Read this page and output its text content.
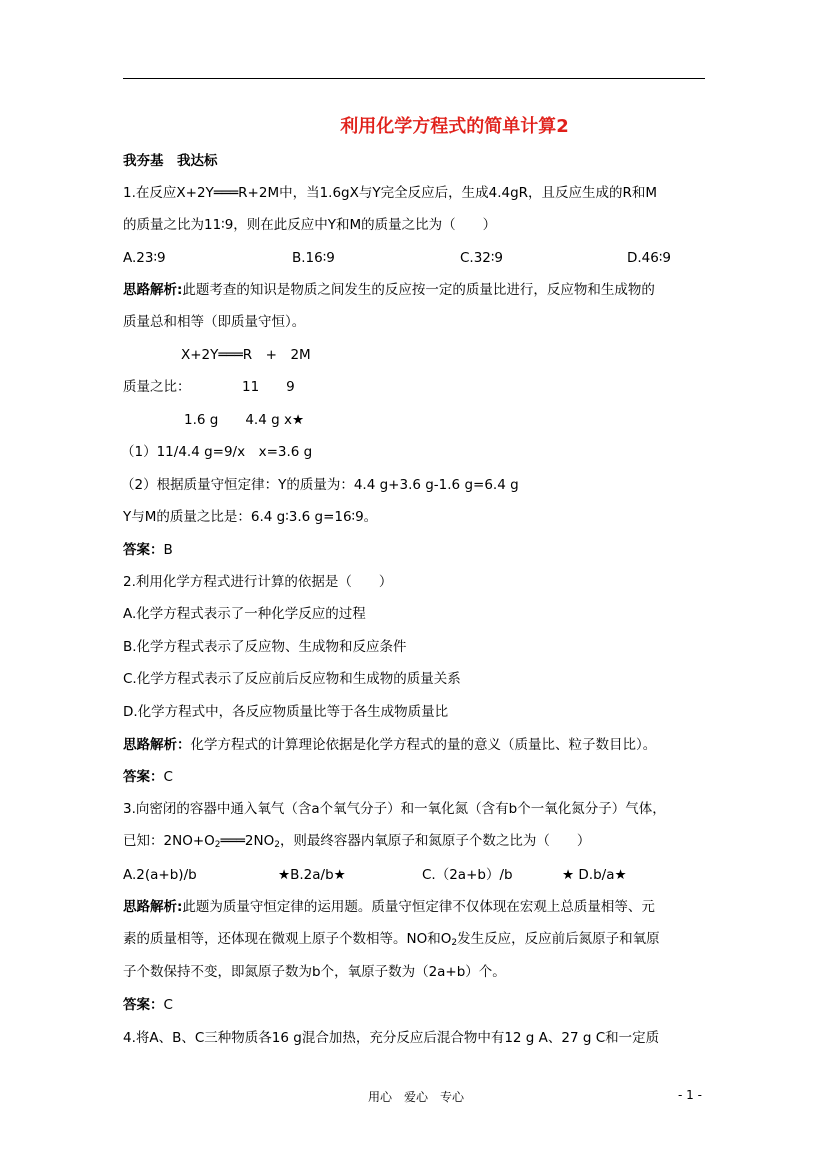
利用化学方程式的简单计算2
我夯基　我达标
1.在反应X+2Y═══R+2M中，当1.6gX与Y完全反应后，生成4.4gR，且反应生成的R和M
的质量之比为11∶9，则在此反应中Y和M的质量之比为（　　）
A.23∶9	B.16∶9	C.32∶9	D.46∶9
思路解析:此题考查的知识是物质之间发生的反应按一定的质量比进行，反应物和生成物的
质量总和相等（即质量守恒）。
X+2Y═══R　+　2M
质量之比：	11　　9
1.6 g　　4.4 g x★
（1）11/4.4 g=9/x　x=3.6 g
（2）根据质量守恒定律：Y的质量为：4.4 g+3.6 g-1.6 g=6.4 g
Y与M的质量之比是：6.4 g∶3.6 g=16∶9。
答案：B
2.利用化学方程式进行计算的依据是（　　）
A.化学方程式表示了一种化学反应的过程
B.化学方程式表示了反应物、生成物和反应条件
C.化学方程式表示了反应前后反应物和生成物的质量关系
D.化学方程式中，各反应物质量比等于各生成物质量比
思路解析：化学方程式的计算理论依据是化学方程式的量的意义（质量比、粒子数目比）。
答案：C
3.向密闭的容器中通入氧气（含a个氧气分子）和一氧化氮（含有b个一氧化氮分子）气体，
已知：$2NO+O_2═══2NO_2$，则最终容器内氧原子和氮原子个数之比为（　　）
A.2(a+b)/b	★B.2a/b★	C.（2a+b）/b	★ D.b/a★
思路解析:此题为质量守恒定律的运用题。质量守恒定律不仅体现在宏观上总质量相等、元
素的质量相等，还体现在微观上原子个数相等。NO和$O_2$发生反应，反应前后氮原子和氧原
子个数保持不变，即氮原子数为b个，氧原子数为（2a+b）个。
答案：C
4.将A、B、C三种物质各16 g混合加热，充分反应后混合物中有12 g A、27 g C和一定质
用心　爱心　专心	- 1 -
